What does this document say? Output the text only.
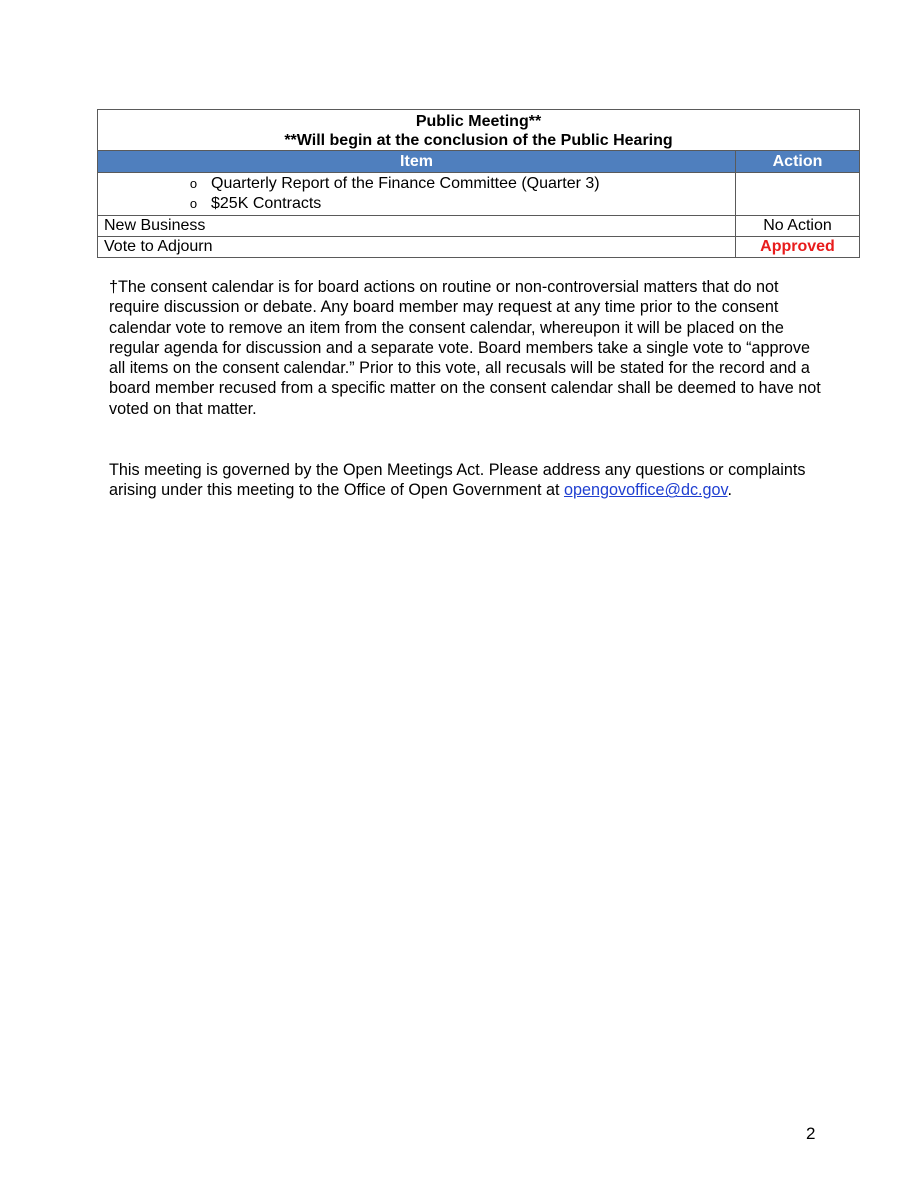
Public Meeting**
**Will begin at the conclusion of the Public Hearing	

Item	Action

o Quarterly Report of the Finance Committee (Quarter 3)
o $25K Contracts	

New Business	No Action
Vote to Adjourn	Approved
†The consent calendar is for board actions on routine or non-controversial matters that do not require discussion or debate. Any board member may request at any time prior to the consent calendar vote to remove an item from the consent calendar, whereupon it will be placed on the regular agenda for discussion and a separate vote. Board members take a single vote to “approve all items on the consent calendar.” Prior to this vote, all recusals will be stated for the record and a board member recused from a specific matter on the consent calendar shall be deemed to have not voted on that matter.
This meeting is governed by the Open Meetings Act. Please address any questions or complaints arising under this meeting to the Office of Open Government at opengovoffice@dc.gov.
2
